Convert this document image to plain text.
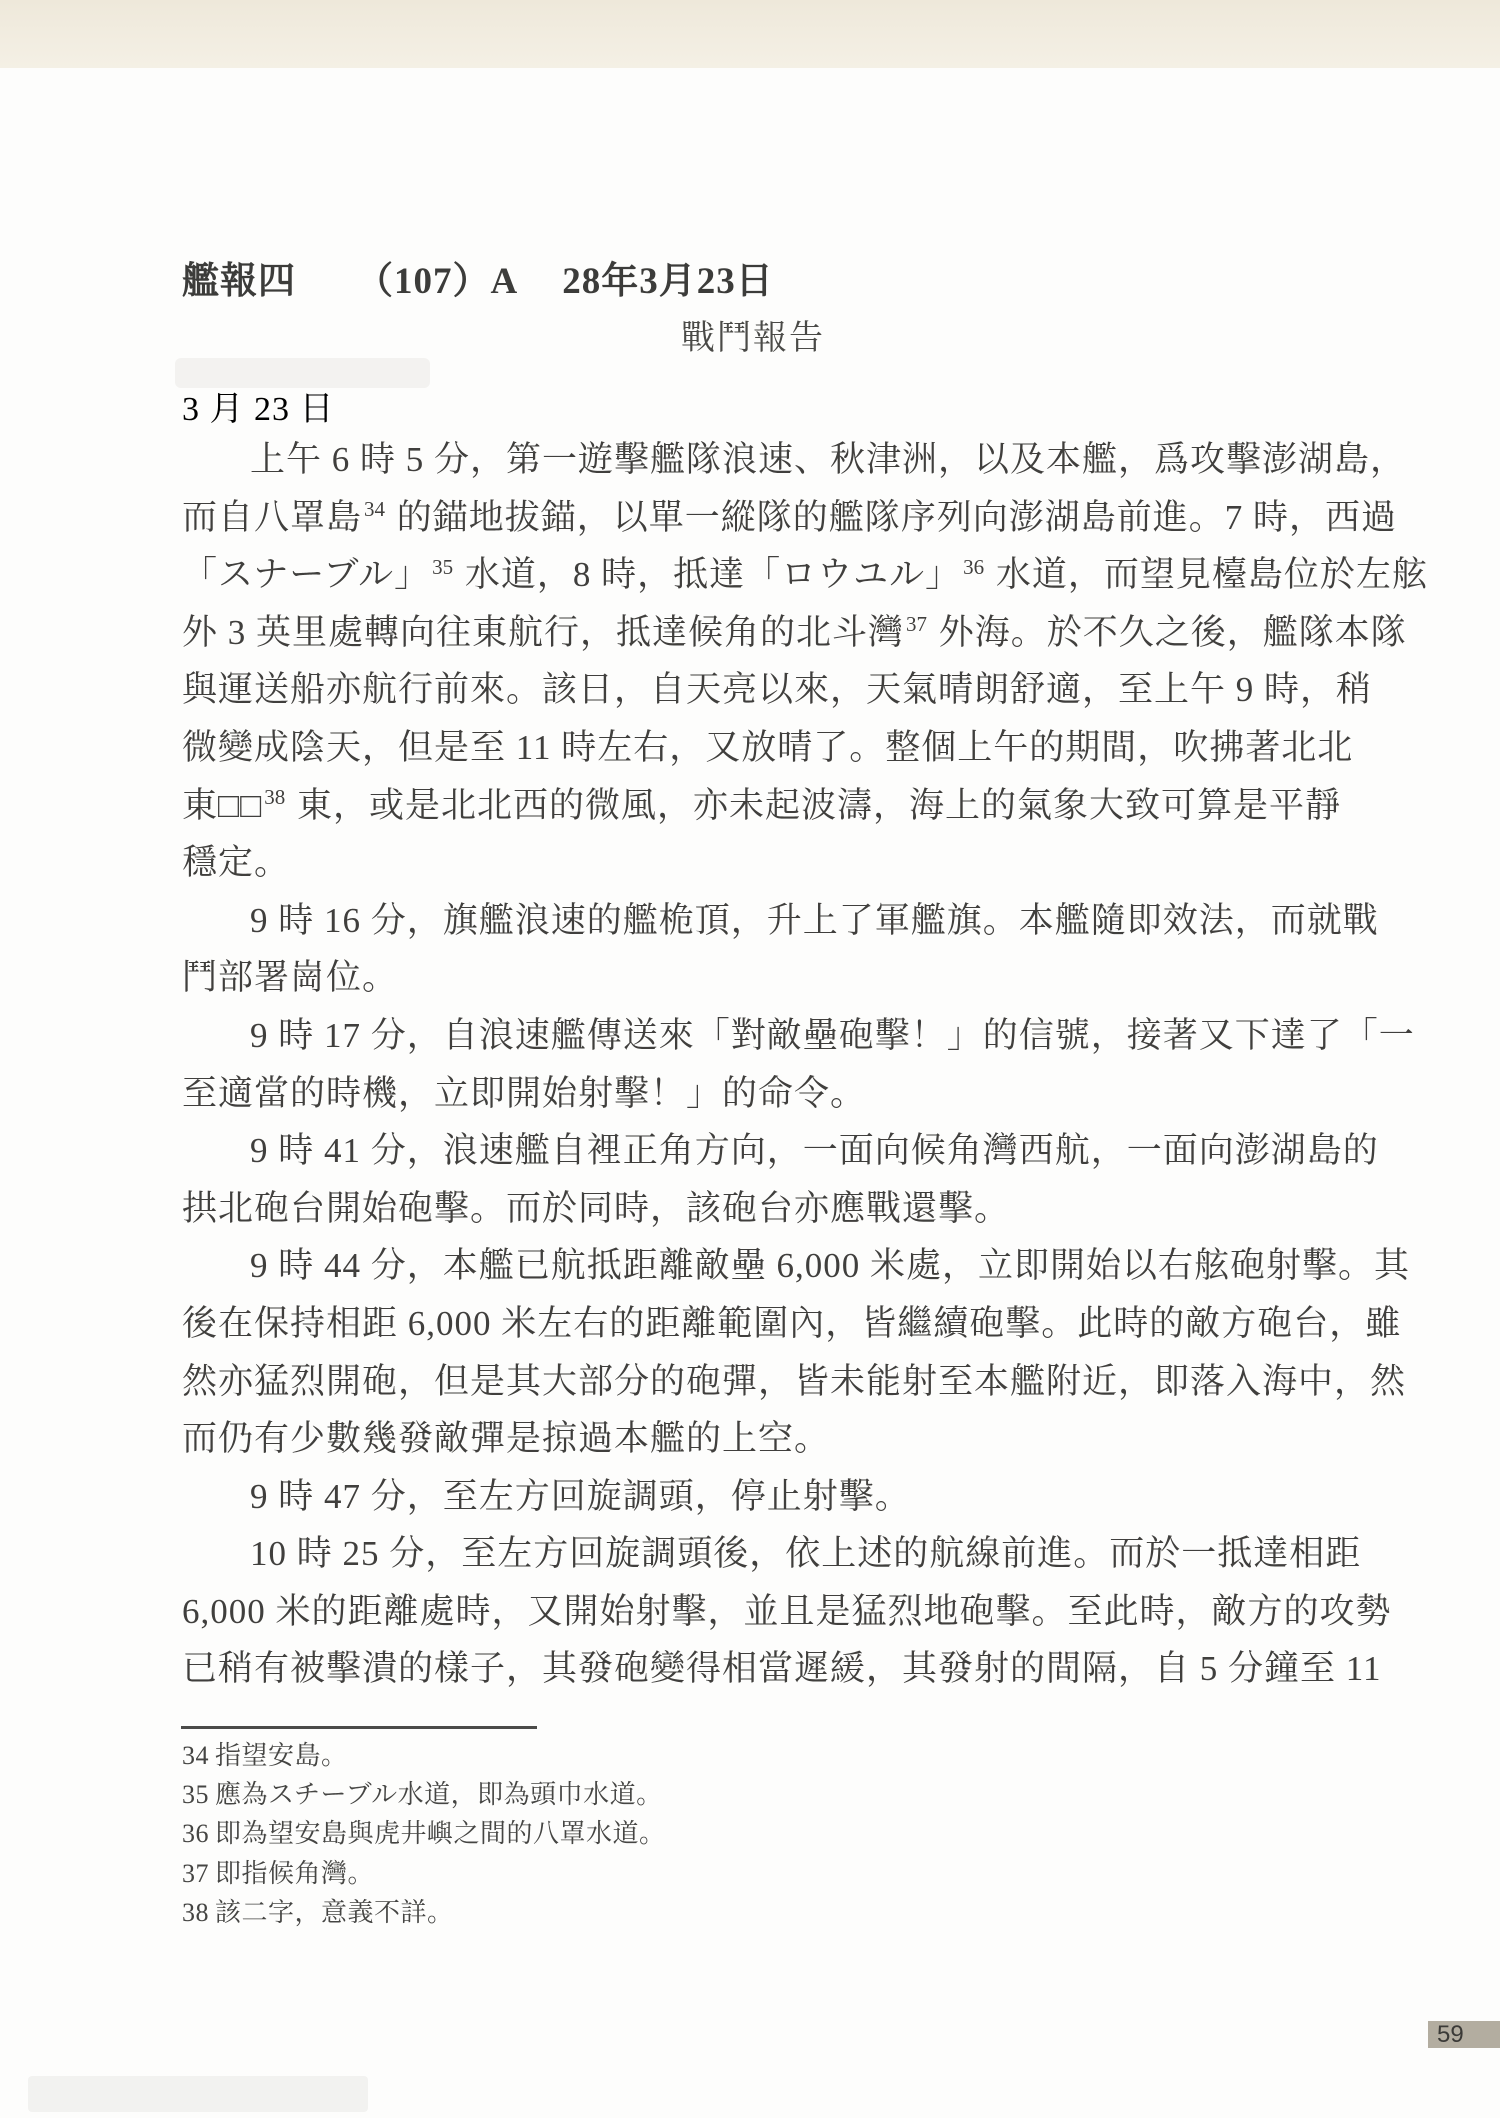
艦報四 （107）A 28年3月23日
戰鬥報告
3 月 23 日
上午 6 時 5 分，第一遊擊艦隊浪速、秋津洲，以及本艦，爲攻擊澎湖島，
而自八罩島$^{34}$ 的錨地拔錨，以單一縱隊的艦隊序列向澎湖島前進。7 時，西過
「スナーブル」$^{35}$ 水道，8 時，抵達「ロウユル」$^{36}$ 水道，而望見檯島位於左舷
外 3 英里處轉向往東航行，抵達候角的北斗灣$^{37}$ 外海。於不久之後，艦隊本隊
與運送船亦航行前來。該日，自天亮以來，天氣晴朗舒適，至上午 9 時，稍
微變成陰天，但是至 11 時左右，又放晴了。整個上午的期間，吹拂著北北
東□□$^{38}$ 東，或是北北西的微風，亦未起波濤，海上的氣象大致可算是平靜
穩定。
9 時 16 分，旗艦浪速的艦桅頂，升上了軍艦旗。本艦隨即效法，而就戰
鬥部署崗位。
9 時 17 分，自浪速艦傳送來「對敵壘砲擊！」的信號，接著又下達了「一
至適當的時機，立即開始射擊！」的命令。
9 時 41 分，浪速艦自裡正角方向，一面向候角灣西航，一面向澎湖島的
拱北砲台開始砲擊。而於同時，該砲台亦應戰還擊。
9 時 44 分，本艦已航抵距離敵壘 6,000 米處，立即開始以右舷砲射擊。其
後在保持相距 6,000 米左右的距離範圍內，皆繼續砲擊。此時的敵方砲台，雖
然亦猛烈開砲，但是其大部分的砲彈，皆未能射至本艦附近，即落入海中，然
而仍有少數幾發敵彈是掠過本艦的上空。
9 時 47 分，至左方回旋調頭，停止射擊。
10 時 25 分，至左方回旋調頭後，依上述的航線前進。而於一抵達相距
6,000 米的距離處時，又開始射擊，並且是猛烈地砲擊。至此時，敵方的攻勢
已稍有被擊潰的樣子，其發砲變得相當遲緩，其發射的間隔，自 5 分鐘至 11
34 指望安島。
35 應為スチーブル水道，即為頭巾水道。
36 即為望安島與虎井嶼之間的八罩水道。
37 即指候角灣。
38 該二字，意義不詳。
59
